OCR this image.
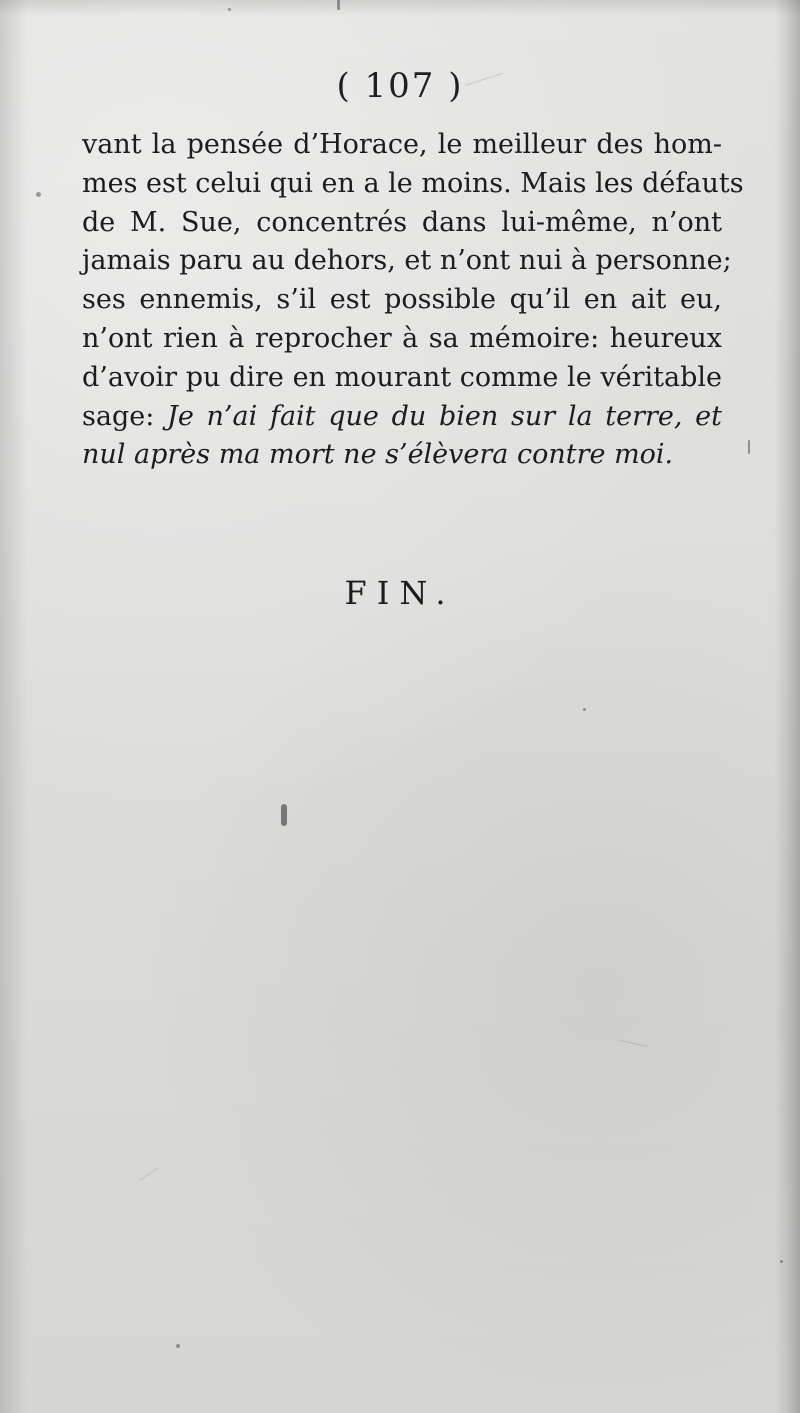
( 107 )
vant la pensée d’Horace, le meilleur des hom-
mes est celui qui en a le moins. Mais les défauts
de M. Sue, concentrés dans lui-même, n’ont
jamais paru au dehors, et n’ont nui à personne;
ses ennemis, s’il est possible qu’il en ait eu,
n’ont rien à reprocher à sa mémoire: heureux
d’avoir pu dire en mourant comme le véritable
sage: Je n’ai fait que du bien sur la terre, et
nul après ma mort ne s’élèvera contre moi.
FIN.
